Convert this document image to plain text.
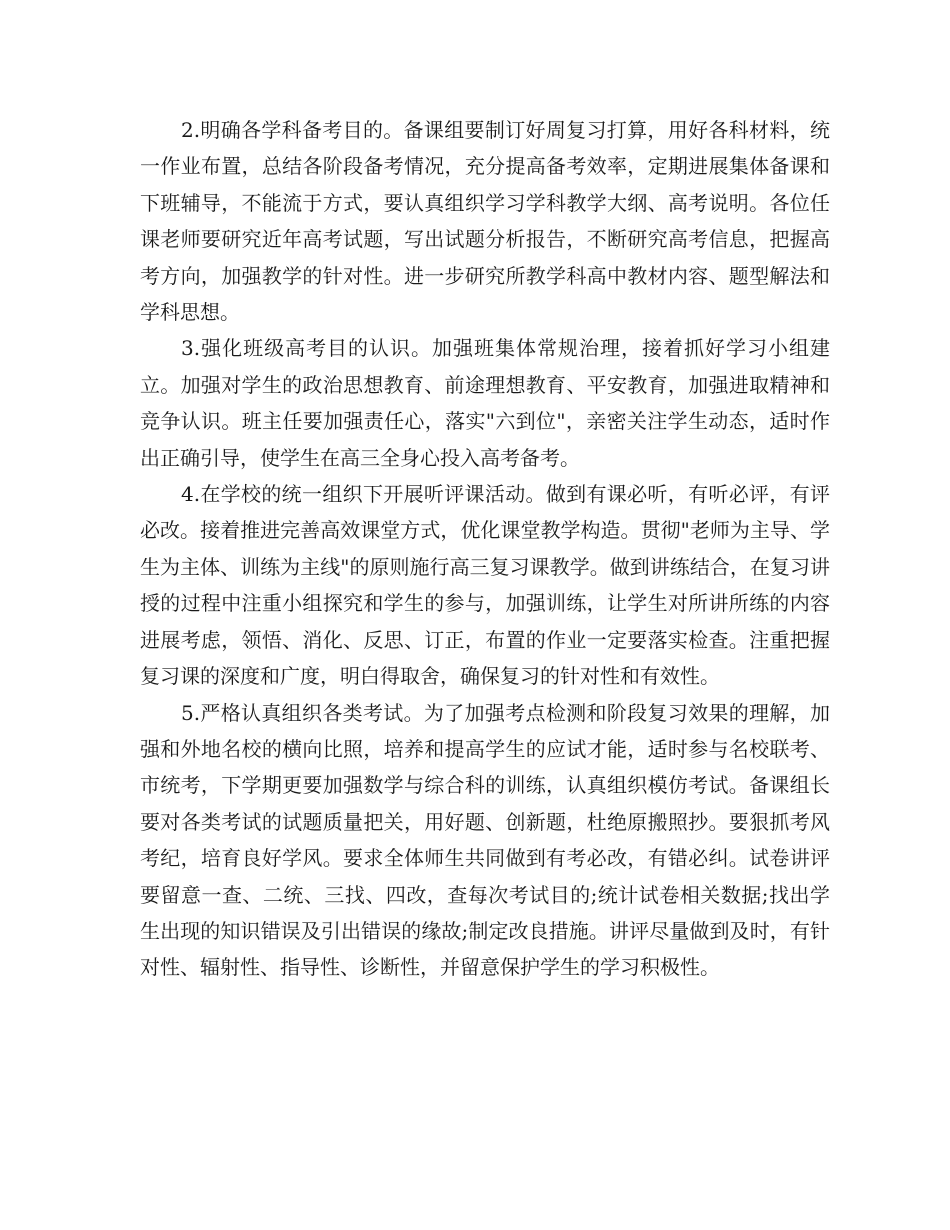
2.明确各学科备考目的。备课组要制订好周复习打算，用好各科材料，统一作业布置，总结各阶段备考情况，充分提高备考效率，定期进展集体备课和下班辅导，不能流于方式，要认真组织学习学科教学大纲、高考说明。各位任课老师要研究近年高考试题，写出试题分析报告，不断研究高考信息，把握高考方向，加强教学的针对性。进一步研究所教学科高中教材内容、题型解法和学科思想。

3.强化班级高考目的认识。加强班集体常规治理，接着抓好学习小组建立。加强对学生的政治思想教育、前途理想教育、平安教育，加强进取精神和竞争认识。班主任要加强责任心，落实"六到位"，亲密关注学生动态，适时作出正确引导，使学生在高三全身心投入高考备考。

4.在学校的统一组织下开展听评课活动。做到有课必听，有听必评，有评必改。接着推进完善高效课堂方式，优化课堂教学构造。贯彻"老师为主导、学生为主体、训练为主线"的原则施行高三复习课教学。做到讲练结合，在复习讲授的过程中注重小组探究和学生的参与，加强训练，让学生对所讲所练的内容进展考虑，领悟、消化、反思、订正，布置的作业一定要落实检查。注重把握复习课的深度和广度，明白得取舍，确保复习的针对性和有效性。

5.严格认真组织各类考试。为了加强考点检测和阶段复习效果的理解，加强和外地名校的横向比照，培养和提高学生的应试才能，适时参与名校联考、市统考，下学期更要加强数学与综合科的训练，认真组织模仿考试。备课组长要对各类考试的试题质量把关，用好题、创新题，杜绝原搬照抄。要狠抓考风考纪，培育良好学风。要求全体师生共同做到有考必改，有错必纠。试卷讲评要留意一查、二统、三找、四改，查每次考试目的;统计试卷相关数据;找出学生出现的知识错误及引出错误的缘故;制定改良措施。讲评尽量做到及时，有针对性、辐射性、指导性、诊断性，并留意保护学生的学习积极性。
